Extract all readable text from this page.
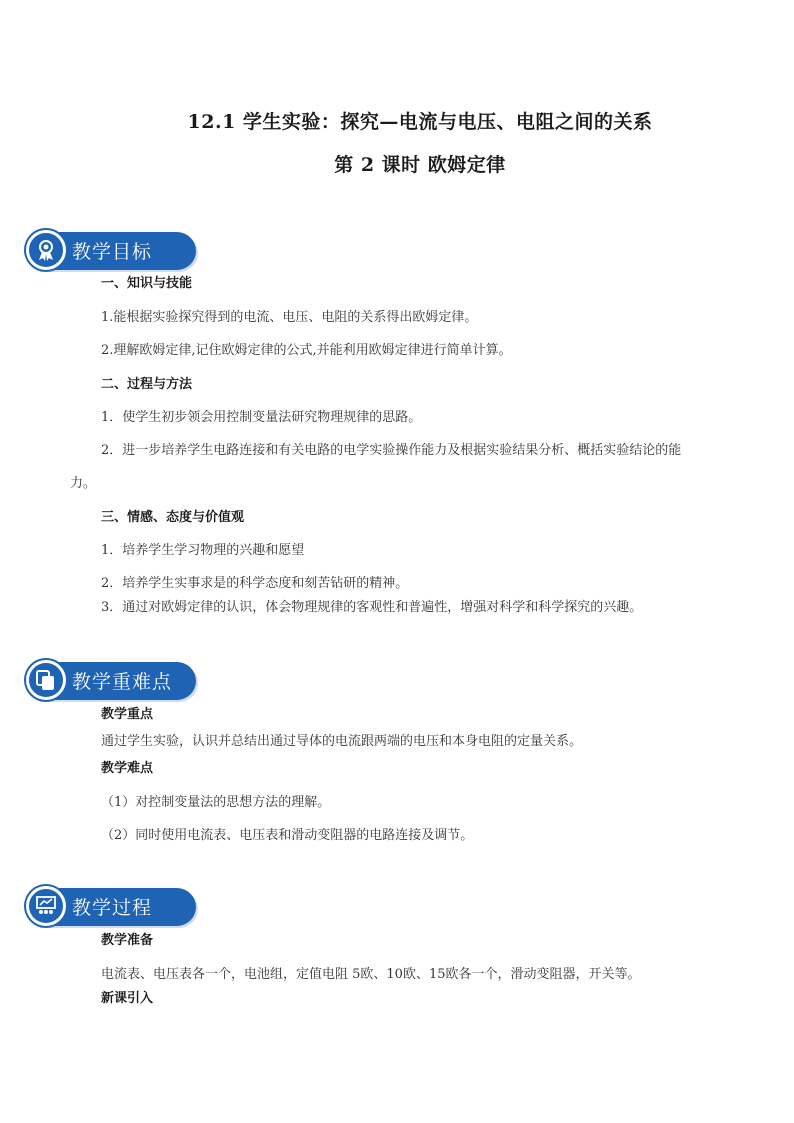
12.1 学生实验：探究—电流与电压、电阻之间的关系
第 2 课时 欧姆定律
教学目标
一、知识与技能
1.能根据实验探究得到的电流、电压、电阻的关系得出欧姆定律。
2.理解欧姆定律,记住欧姆定律的公式,并能利用欧姆定律进行简单计算。
二、过程与方法
1．使学生初步领会用控制变量法研究物理规律的思路。
2．进一步培养学生电路连接和有关电路的电学实验操作能力及根据实验结果分析、概括实验结论的能
力。
三、情感、态度与价值观
1．培养学生学习物理的兴趣和愿望
2．培养学生实事求是的科学态度和刻苦钻研的精神。
3．通过对欧姆定律的认识，体会物理规律的客观性和普遍性，增强对科学和科学探究的兴趣。
教学重难点
教学重点
通过学生实验，认识并总结出通过导体的电流跟两端的电压和本身电阻的定量关系。
教学难点
（1）对控制变量法的思想方法的理解。
（2）同时使用电流表、电压表和滑动变阻器的电路连接及调节。
教学过程
教学准备
电流表、电压表各一个，电池组，定值电阻 5欧、10欧、15欧各一个，滑动变阻器，开关等。
新课引入
